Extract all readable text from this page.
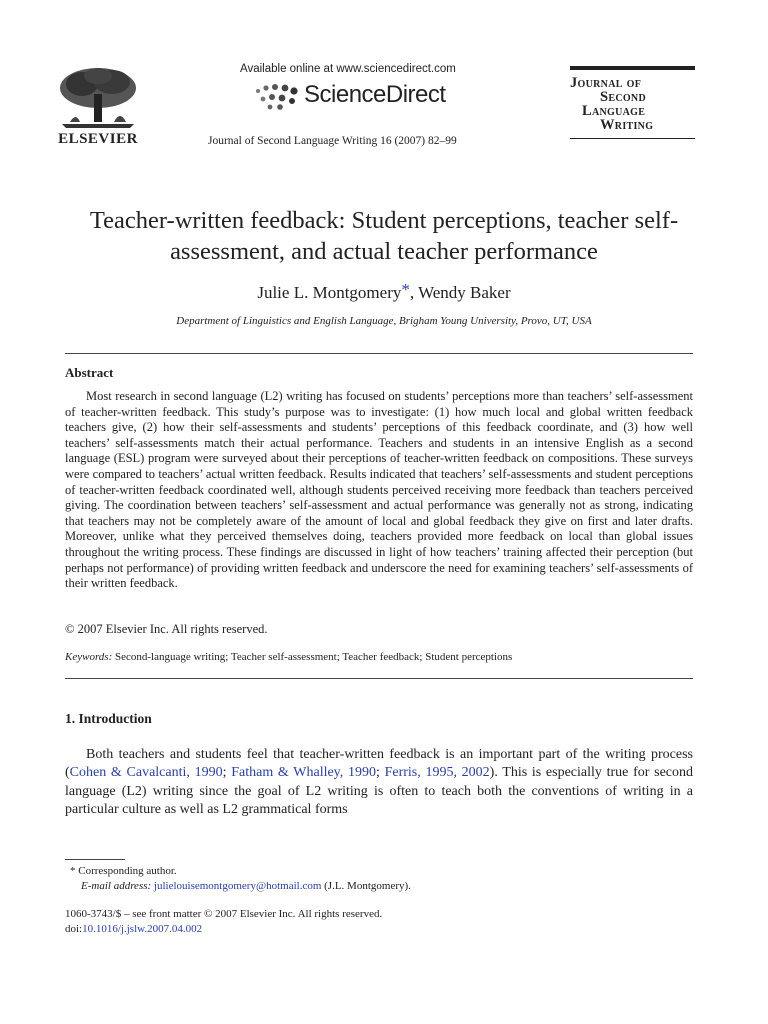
ELSEVIER
Available online at www.sciencedirect.com
ScienceDirect
Journal of Second Language Writing 16 (2007) 82–99
Journal of
Second
Language
Writing
Teacher-written feedback: Student perceptions, teacher self-assessment, and actual teacher performance
Julie L. Montgomery*, Wendy Baker
Department of Linguistics and English Language, Brigham Young University, Provo, UT, USA
Abstract
Most research in second language (L2) writing has focused on students’ perceptions more than teachers’ self-assessment of teacher-written feedback. This study’s purpose was to investigate: (1) how much local and global written feedback teachers give, (2) how their self-assessments and students’ perceptions of this feedback coordinate, and (3) how well teachers’ self-assessments match their actual performance. Teachers and students in an intensive English as a second language (ESL) program were surveyed about their perceptions of teacher-written feedback on compositions. These surveys were compared to teachers’ actual written feedback. Results indicated that teachers’ self-assessments and student perceptions of teacher-written feedback coordinated well, although students perceived receiving more feedback than teachers perceived giving. The coordination between teachers’ self-assessment and actual performance was generally not as strong, indicating that teachers may not be completely aware of the amount of local and global feedback they give on first and later drafts. Moreover, unlike what they perceived themselves doing, teachers provided more feedback on local than global issues throughout the writing process. These findings are discussed in light of how teachers’ training affected their perception (but perhaps not performance) of providing written feedback and underscore the need for examining teachers’ self-assessments of their written feedback.
© 2007 Elsevier Inc. All rights reserved.
Keywords: Second-language writing; Teacher self-assessment; Teacher feedback; Student perceptions
1. Introduction
Both teachers and students feel that teacher-written feedback is an important part of the writing process (Cohen & Cavalcanti, 1990; Fatham & Whalley, 1990; Ferris, 1995, 2002). This is especially true for second language (L2) writing since the goal of L2 writing is often to teach both the conventions of writing in a particular culture as well as L2 grammatical forms
* Corresponding author.
E-mail address: julielouisemontgomery@hotmail.com (J.L. Montgomery).
1060-3743/$ – see front matter © 2007 Elsevier Inc. All rights reserved.
doi:10.1016/j.jslw.2007.04.002
